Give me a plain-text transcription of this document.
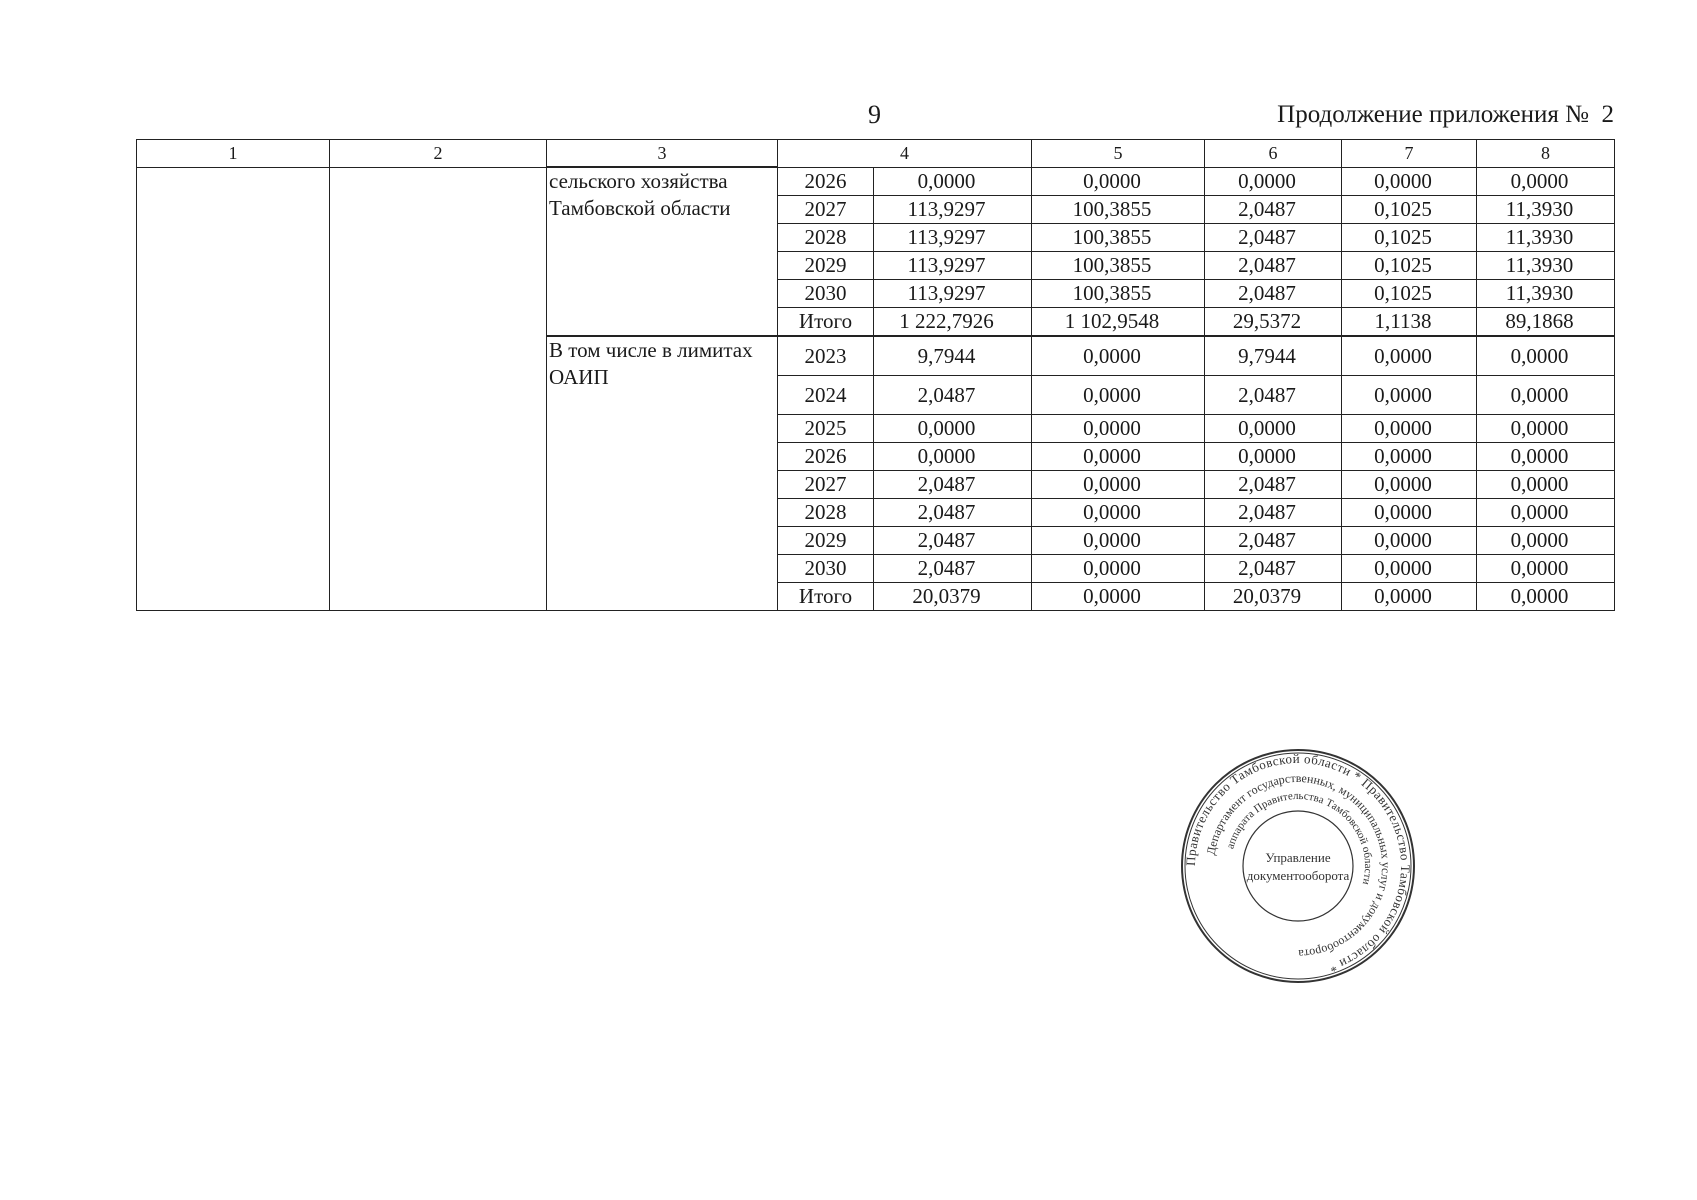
9	Продолжение приложения №  2
1	2	3	4		5	6	7	8
		сельского хозяйства Тамбовской области	2026	0,0000	0,0000	0,0000	0,0000	0,0000
			2027	113,9297	100,3855	2,0487	0,1025	11,3930
			2028	113,9297	100,3855	2,0487	0,1025	11,3930
			2029	113,9297	100,3855	2,0487	0,1025	11,3930
			2030	113,9297	100,3855	2,0487	0,1025	11,3930
			Итого	1 222,7926	1 102,9548	29,5372	1,1138	89,1868
		В том числе в лимитах ОАИП	2023	9,7944	0,0000	9,7944	0,0000	0,0000
			2024	2,0487	0,0000	2,0487	0,0000	0,0000
			2025	0,0000	0,0000	0,0000	0,0000	0,0000
			2026	0,0000	0,0000	0,0000	0,0000	0,0000
			2027	2,0487	0,0000	2,0487	0,0000	0,0000
			2028	2,0487	0,0000	2,0487	0,0000	0,0000
			2029	2,0487	0,0000	2,0487	0,0000	0,0000
			2030	2,0487	0,0000	2,0487	0,0000	0,0000
			Итого	20,0379	0,0000	20,0379	0,0000	0,0000
Правительство Тамбовской области * Правительство Тамбовской области *
Департамент государственных, муниципальных услуг и документооборота
аппарата Правительства Тамбовской области
Управление
документооборота
